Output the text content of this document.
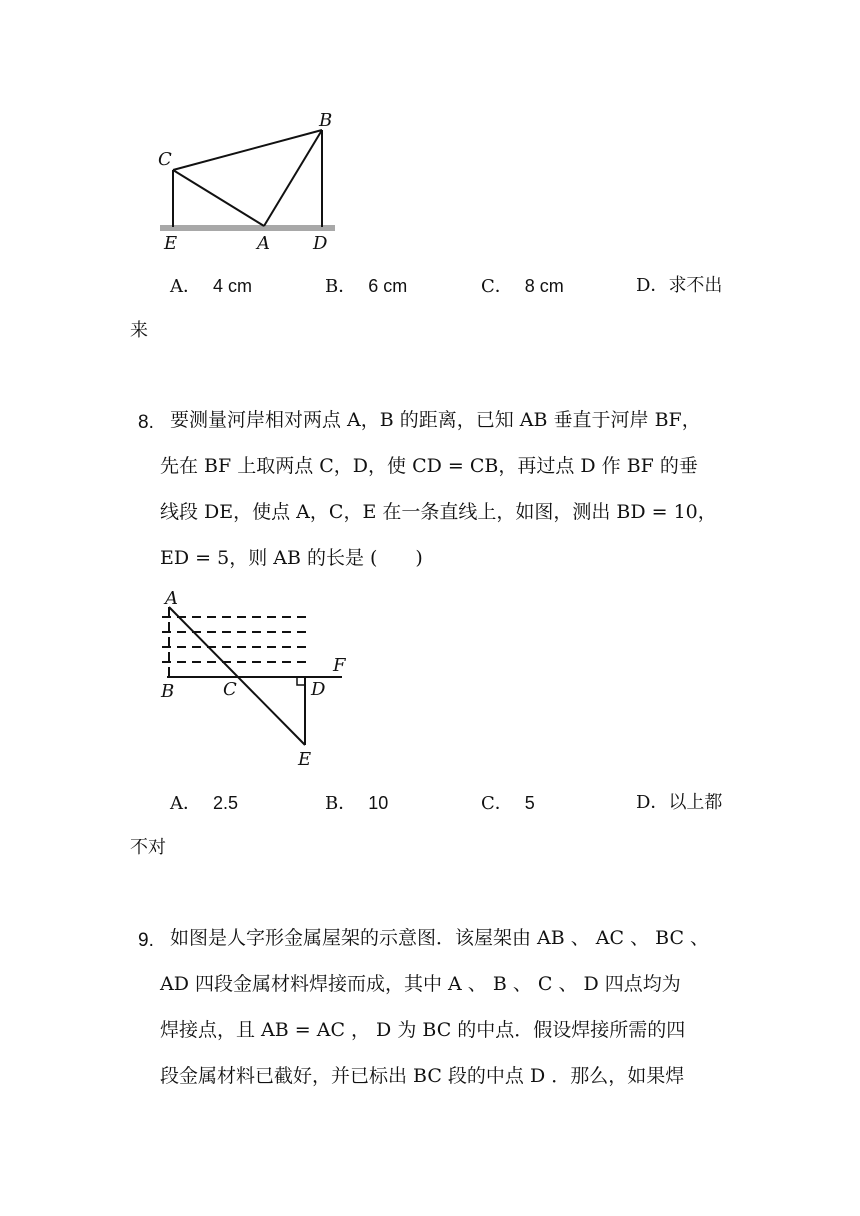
C
B
E	A D
A． 4 cm	B． 6 cm	C． 8 cm	D．求不出
来
8. 要测量河岸相对两点 A，B 的距离，已知 AB 垂直于河岸 BF，
先在 BF 上取两点 C，D，使 CD = CB，再过点 D 作 BF 的垂
线段 DE，使点 A，C，E 在一条直线上，如图，测出 BD = 10，
ED = 5，则 AB 的长是 (　　)
A
F
B	C	D
E
A． 2.5	B． 10	C． 5	D．以上都
不对
9. 如图是人字形金属屋架的示意图．该屋架由 AB 、 AC 、 BC 、
AD 四段金属材料焊接而成，其中 A 、 B 、 C 、 D 四点均为
焊接点，且 AB = AC ， D 为 BC 的中点．假设焊接所需的四
段金属材料已截好，并已标出 BC 段的中点 D ．那么，如果焊
